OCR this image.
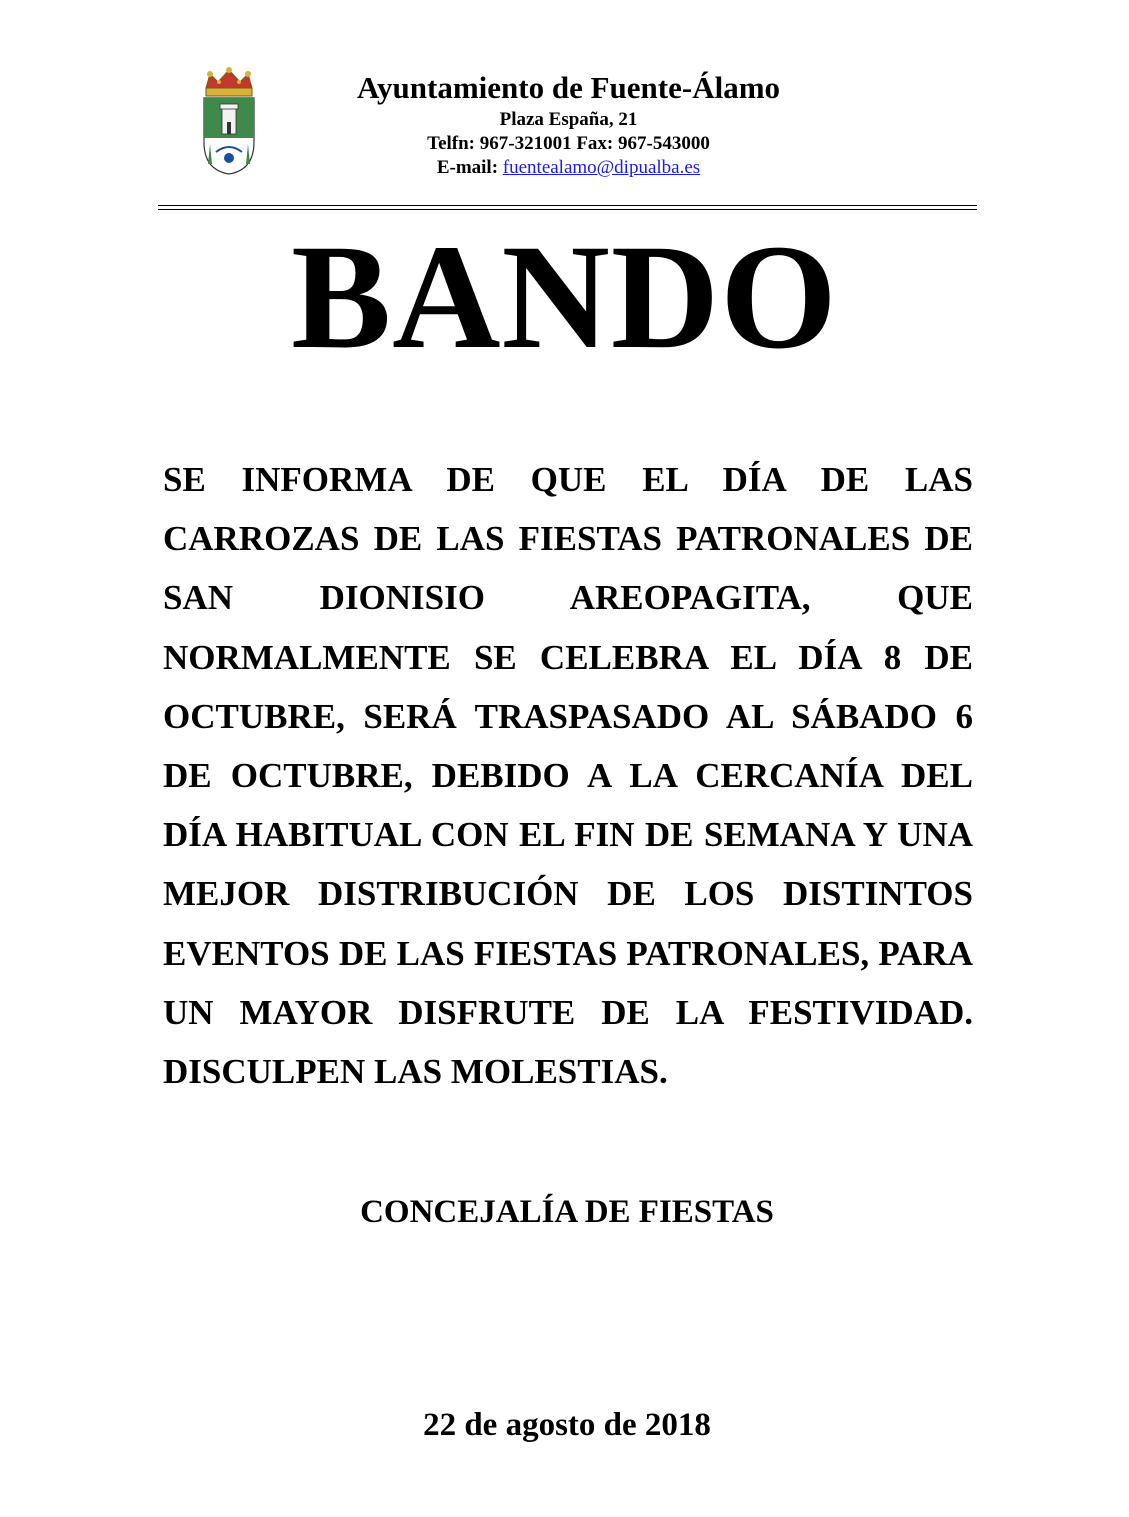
Ayuntamiento de Fuente-Álamo
Plaza España, 21
Telfn: 967-321001 Fax: 967-543000
E-mail: fuentealamo@dipualba.es
BANDO
SE INFORMA DE QUE EL DÍA DE LAS CARROZAS DE LAS FIESTAS PATRONALES DE SAN DIONISIO AREOPAGITA, QUE NORMALMENTE SE CELEBRA EL DÍA 8 DE OCTUBRE, SERÁ TRASPASADO AL SÁBADO 6 DE OCTUBRE, DEBIDO A LA CERCANÍA DEL DÍA HABITUAL CON EL FIN DE SEMANA Y UNA MEJOR DISTRIBUCIÓN DE LOS DISTINTOS EVENTOS DE LAS FIESTAS PATRONALES, PARA UN MAYOR DISFRUTE DE LA FESTIVIDAD. DISCULPEN LAS MOLESTIAS.
CONCEJALÍA DE FIESTAS
22 de agosto de 2018
